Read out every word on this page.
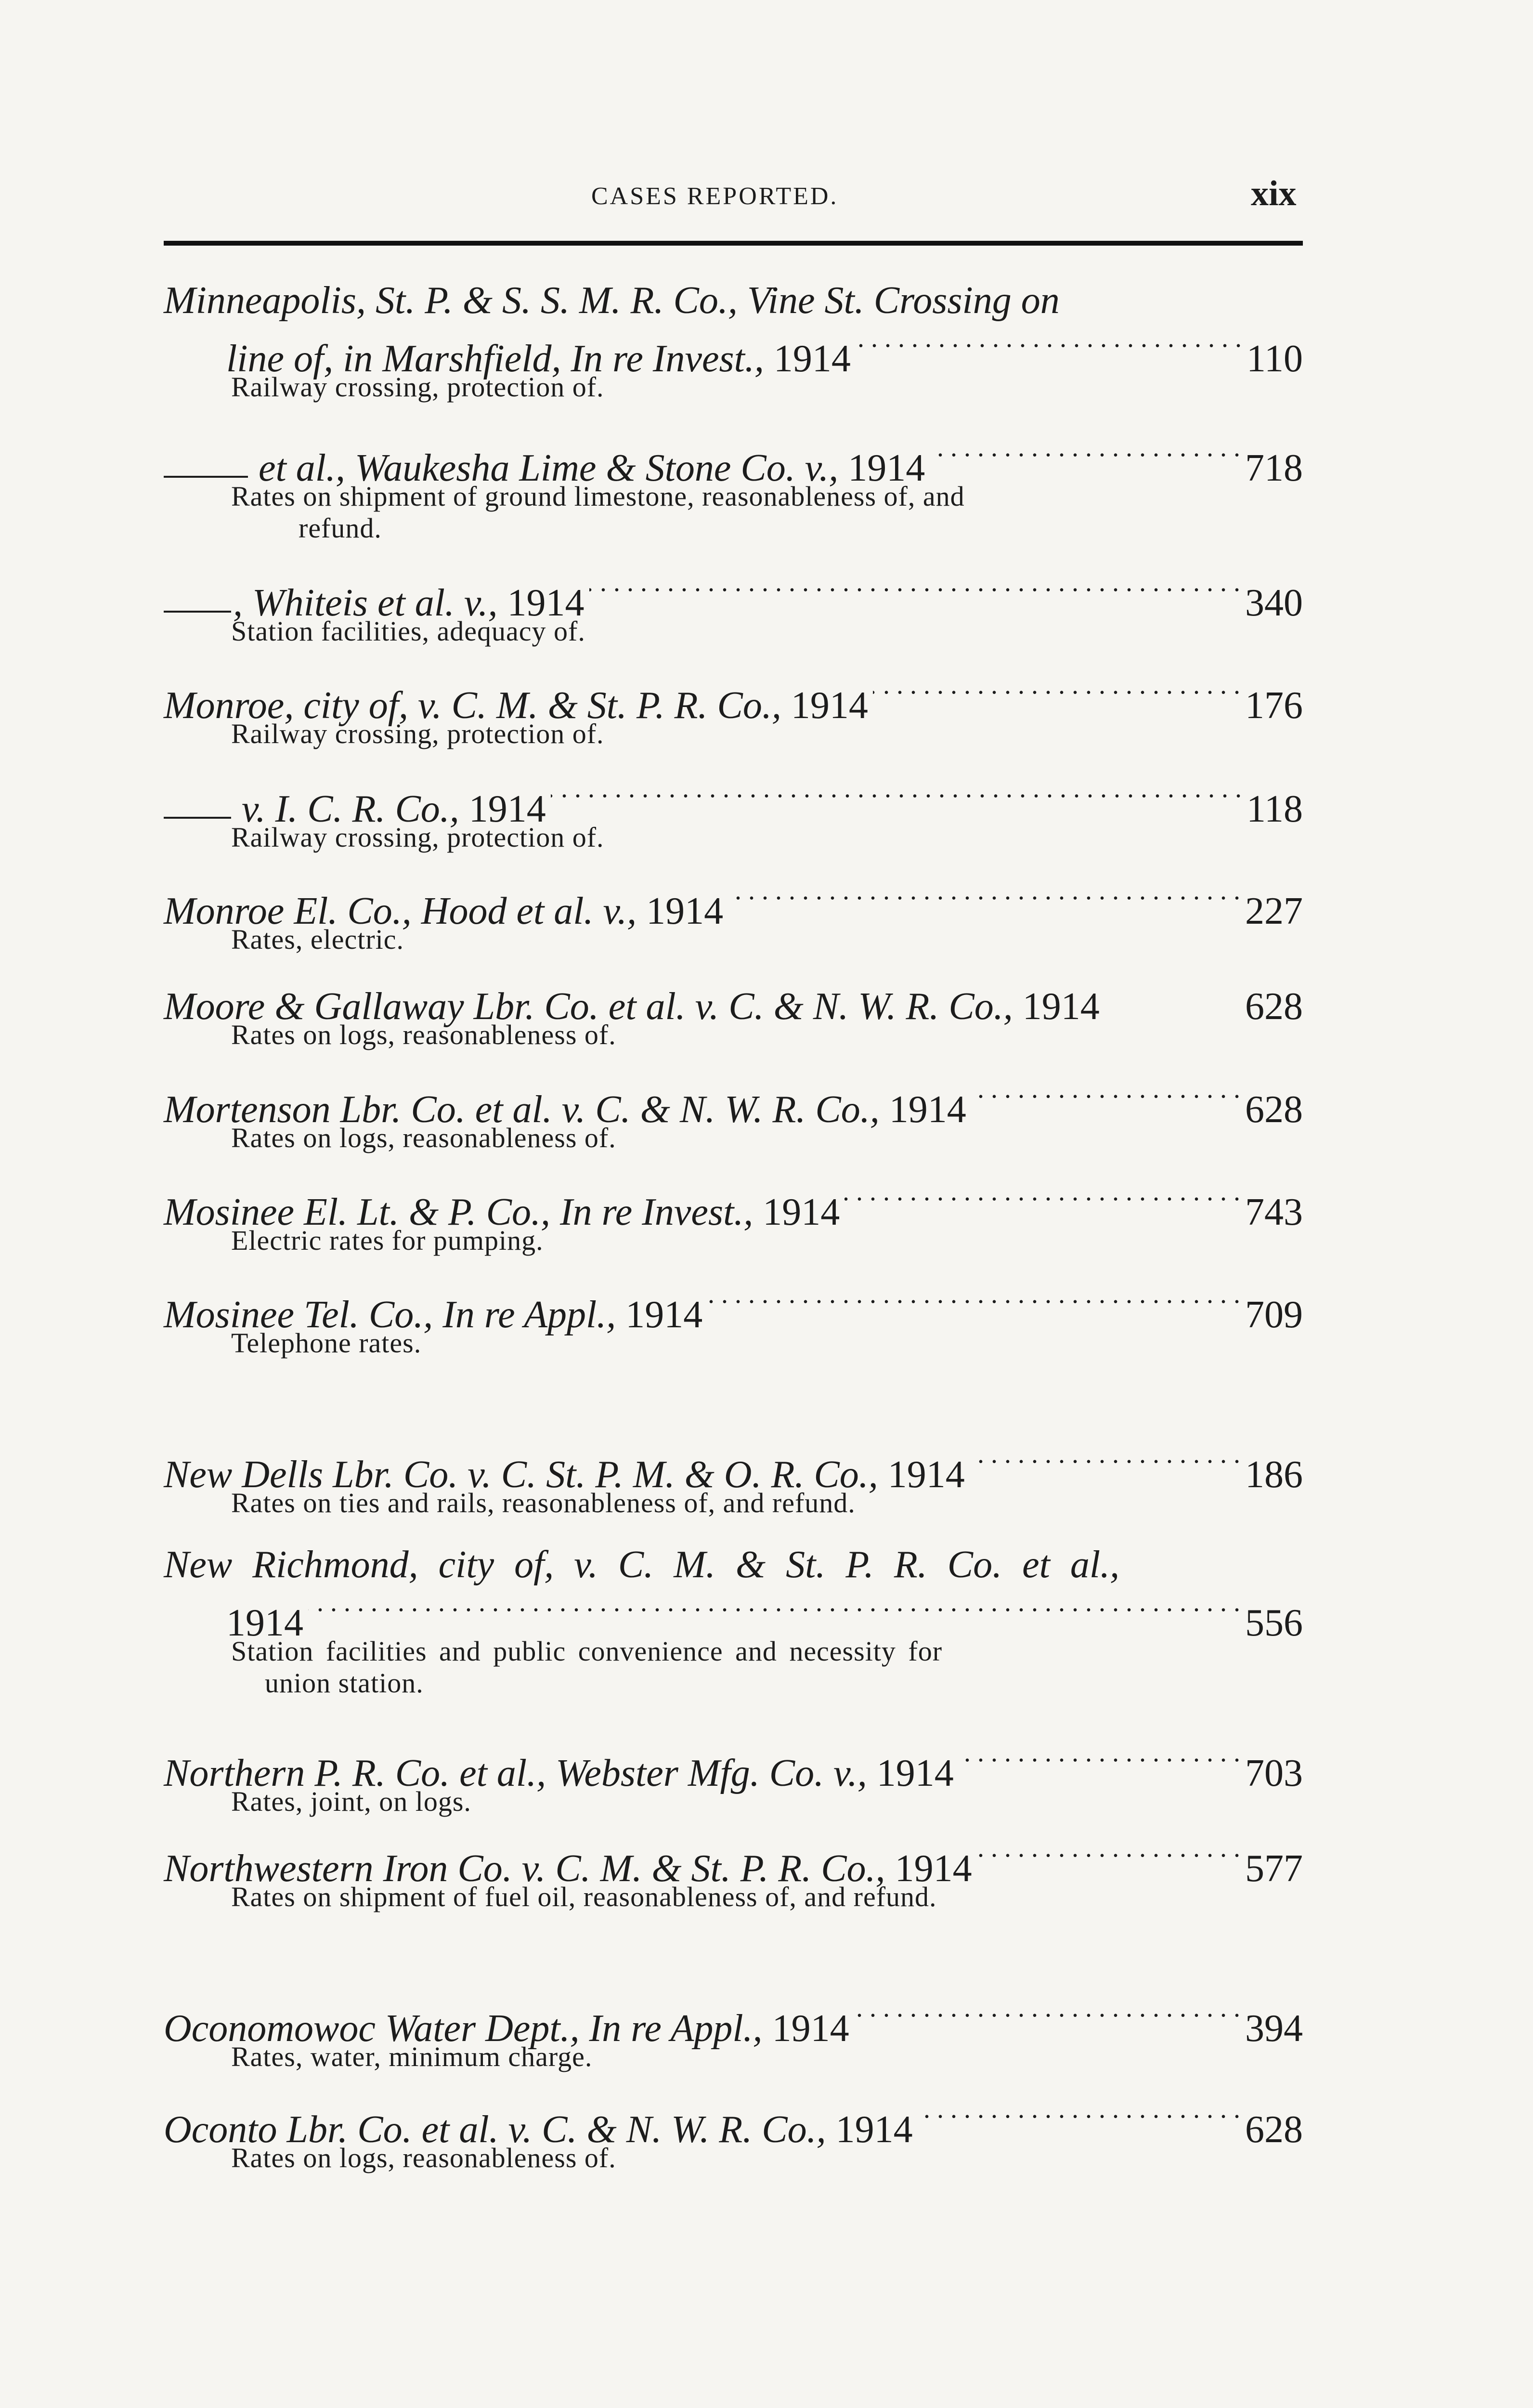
CASES REPORTED.	xix
Minneapolis, St. P. & S. S. M. R. Co., Vine St. Crossing on
line of, in Marshfield, In re Invest.,
1914 . . .	110
Railway crossing, protection of.
et al., Waukesha Lime & Stone Co. v.,
1914 . . .	718
Rates on shipment of ground limestone, reasonableness of, and
refund.
, Whiteis et al. v.,
1914 . . .	340
Station facilities, adequacy of.
Monroe, city of, v. C. M. & St. P. R. Co.,
1914 . . .	176
Railway crossing, protection of.
v. I. C. R. Co.,
1914 . . .	118
Railway crossing, protection of.
Monroe El. Co., Hood et al. v.,
1914 . . .	227
Rates, electric.
Moore & Gallaway Lbr. Co. et al. v. C. & N. W. R. Co.,
1914	628
Rates on logs, reasonableness of.
Mortenson Lbr. Co. et al. v. C. & N. W. R. Co.,
1914 . . .	628
Rates on logs, reasonableness of.
Mosinee El. Lt. & P. Co., In re Invest.,
1914 . . .	743
Electric rates for pumping.
Mosinee Tel. Co., In re Appl.,
1914 . . .	709
Telephone rates.
New Dells Lbr. Co. v. C. St. P. M. & O. R. Co.,
1914 . . .	186
Rates on ties and rails, reasonableness of, and refund.
New Richmond, city of, v. C. M. & St. P. R. Co. et al.,
1914 . . .	556
Station facilities and public convenience and necessity for
union station.
Northern P. R. Co. et al., Webster Mfg. Co. v.,
1914 . . .	703
Rates, joint, on logs.
Northwestern Iron Co. v. C. M. & St. P. R. Co.,
1914 . . .	577
Rates on shipment of fuel oil, reasonableness of, and refund.
Oconomowoc Water Dept., In re Appl.,
1914 . . .	394
Rates, water, minimum charge.
Oconto Lbr. Co. et al. v. C. & N. W. R. Co.,
1914 . . .	628
Rates on logs, reasonableness of.
